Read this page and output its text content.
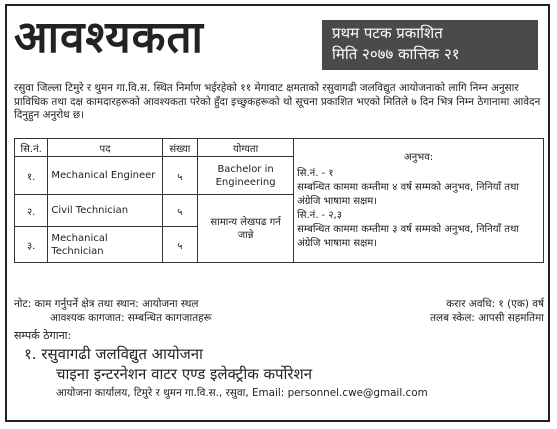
आवश्यकता	प्रथम पटक प्रकाशित
मिति २०७७ कात्तिक २१
रसुवा जिल्ला टिमुरे र थुमन गा.वि.स. स्थित निर्माण भईरहेको ११ मेगावाट क्षमताको रसुवागढी जलविद्युत आयोजनाको लागि निम्न अनुसार प्राविधिक तथा दक्ष कामदारहरूको आवश्यकता परेको हुँदा इच्छुकहरूको थो सूचना प्रकाशित भएको मितिले ७ दिन भित्र निम्न ठेगानामा आवेदन दिनुहुन अनुरोध छ।
सि.नं.	पद	संख्या	योग्यता	अनुभव:
सि.नं. - १
सम्बन्धित काममा कम्तीमा ४ वर्ष सम्मको अनुभव, निनियाँ तथा अंग्रेजि भाषामा सक्षम।
सि.नं. - २,३
सम्बन्धित काममा कम्तीमा ३ वर्ष सम्मको अनुभव, निनियाँ तथा अंग्रेजि भाषामा सक्षम।

१.	Mechanical Engineer	५	Bachelor in Engineering	
२.	Civil Technician	५	सामान्य लेखपढ गर्न जान्ने	
३.	Mechanical Technician	५		
नोट: काम गर्नुपर्ने क्षेत्र तथा स्थान: आयोजना स्थल	करार अवधि: १ (एक) वर्ष
आवश्यक कागजात: सम्बन्धित कागजातहरू	तलब स्केल: आपसी सहमतिमा
सम्पर्क ठेगाना:
१. रसुवागढी जलविद्युत आयोजना
चाइना इन्टरनेशन वाटर एण्ड इलेक्ट्रीक कर्पोरेशन
आयोजना कार्यालय, टिमुरे र थुमन गा.वि.स., रसुवा, Email: personnel.cwe@gmail.com
